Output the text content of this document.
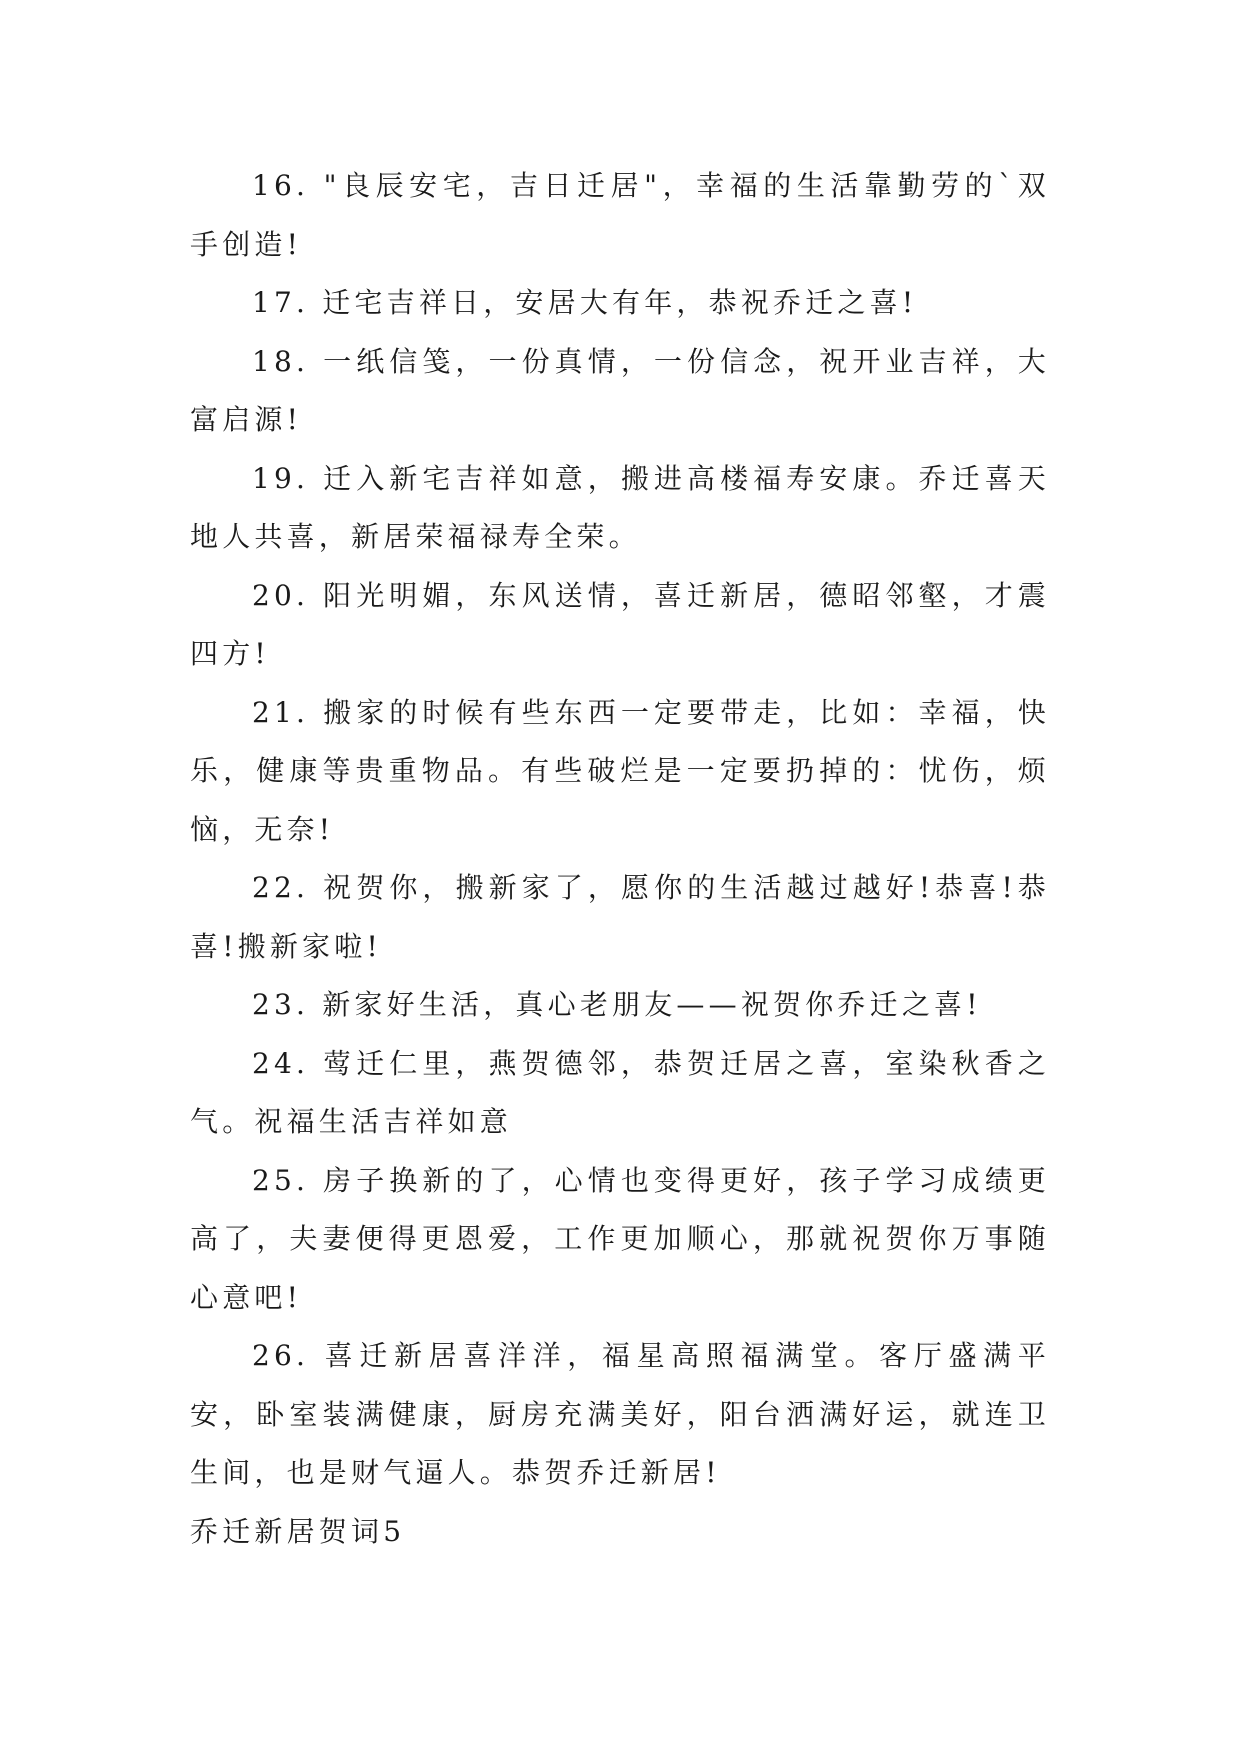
16. "良辰安宅，吉日迁居"，幸福的生活靠勤劳的`双手创造!

17. 迁宅吉祥日，安居大有年，恭祝乔迁之喜!

18. 一纸信笺，一份真情，一份信念，祝开业吉祥，大富启源!

19. 迁入新宅吉祥如意，搬进高楼福寿安康。乔迁喜天地人共喜，新居荣福禄寿全荣。

20. 阳光明媚，东风送情，喜迁新居，德昭邻壑，才震四方!

21. 搬家的时候有些东西一定要带走，比如：幸福，快乐，健康等贵重物品。有些破烂是一定要扔掉的：忧伤，烦恼，无奈!

22. 祝贺你，搬新家了，愿你的生活越过越好!恭喜!恭喜!搬新家啦!

23. 新家好生活，真心老朋友——祝贺你乔迁之喜!

24. 莺迁仁里，燕贺德邻，恭贺迁居之喜，室染秋香之气。祝福生活吉祥如意

25. 房子换新的了，心情也变得更好，孩子学习成绩更高了，夫妻便得更恩爱，工作更加顺心，那就祝贺你万事随心意吧!

26. 喜迁新居喜洋洋，福星高照福满堂。客厅盛满平安，卧室装满健康，厨房充满美好，阳台洒满好运，就连卫生间，也是财气逼人。恭贺乔迁新居!

乔迁新居贺词5
